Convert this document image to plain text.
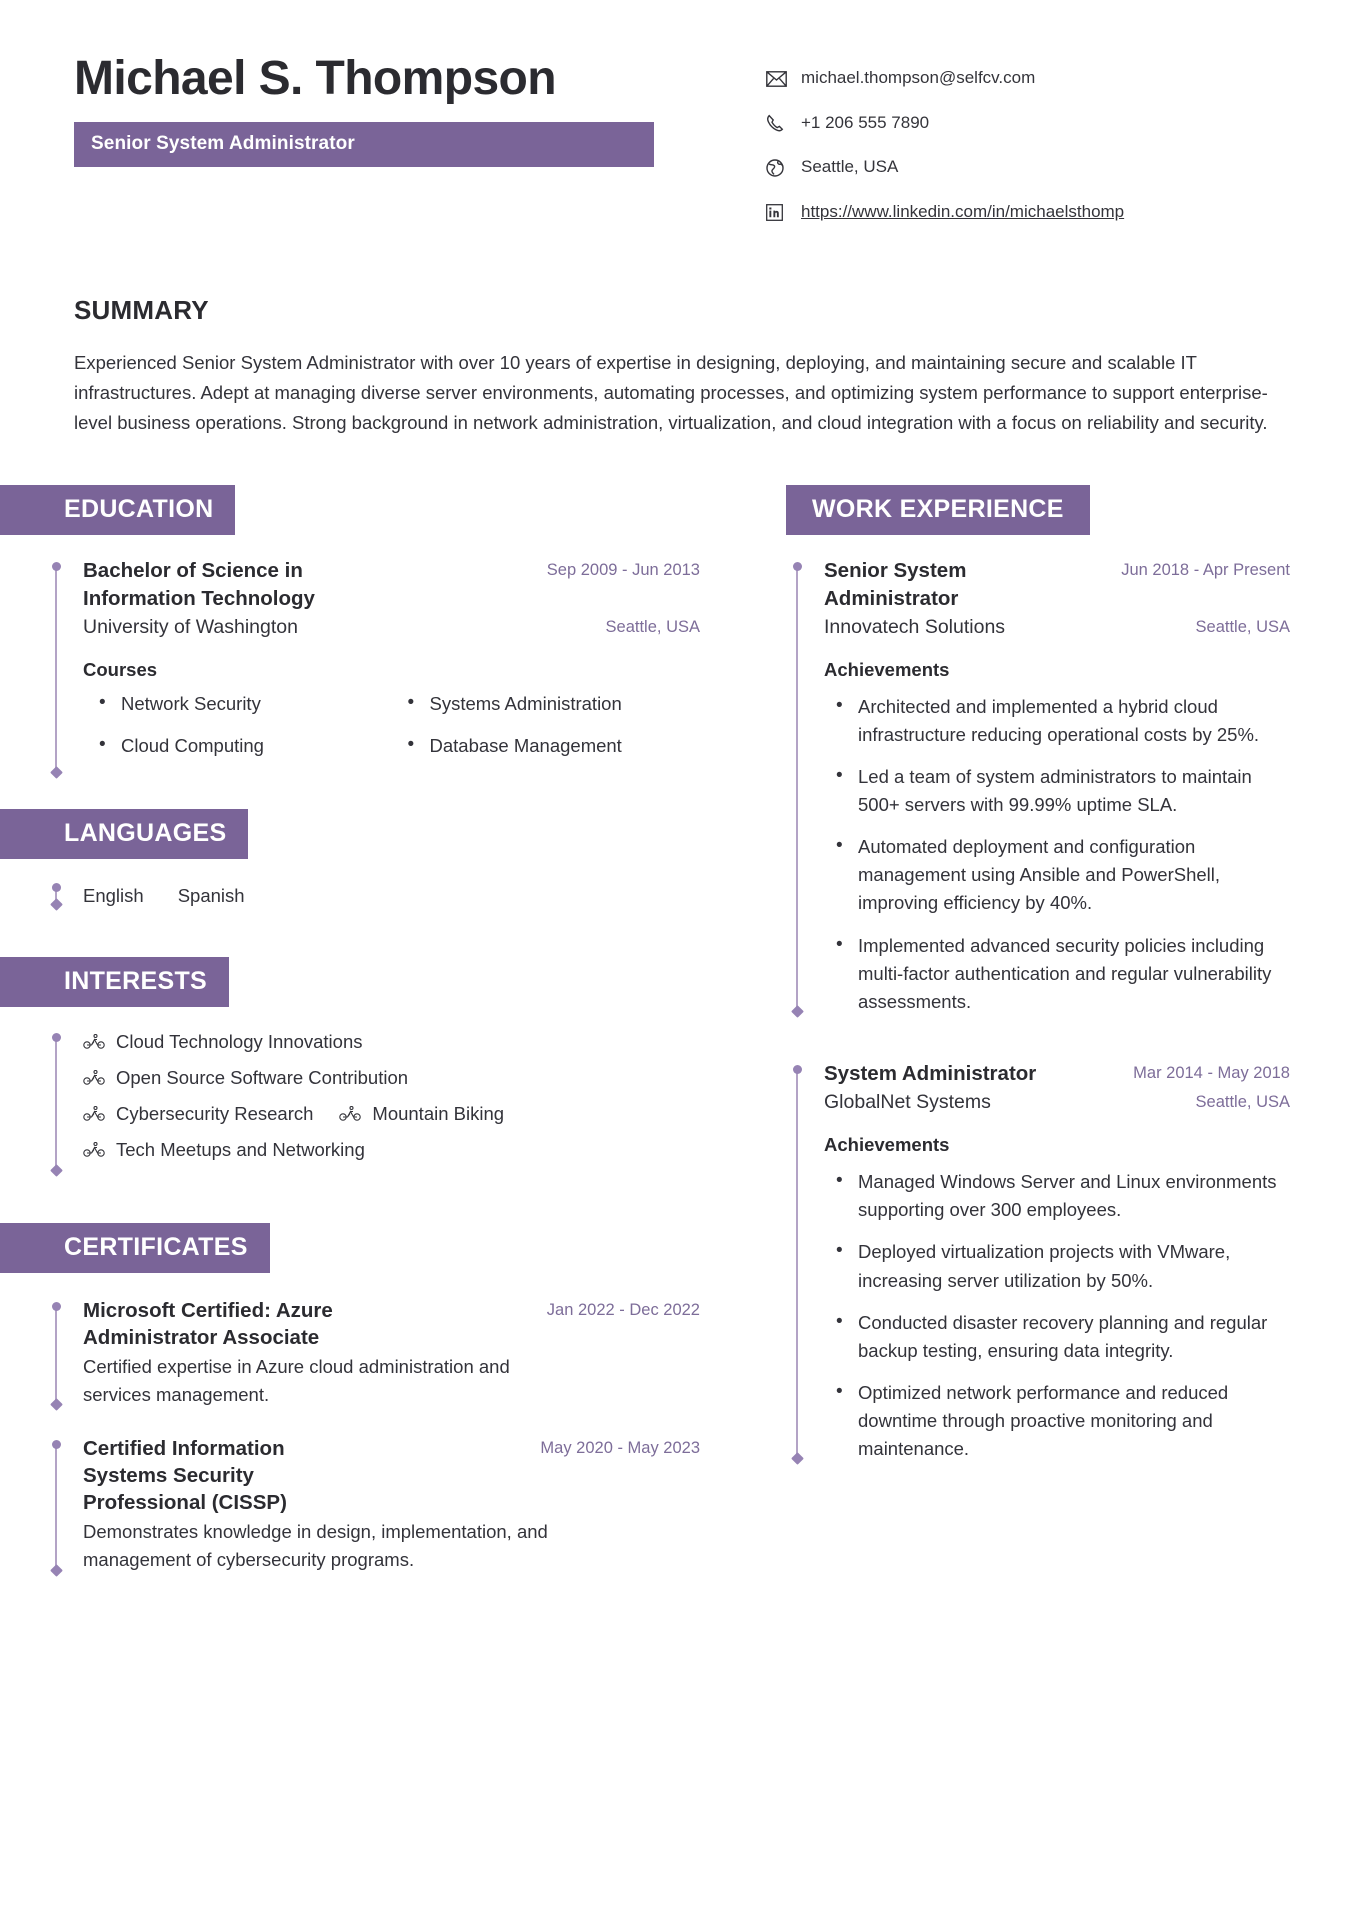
Michael S. Thompson
Senior System Administrator
michael.thompson@selfcv.com
+1 206 555 7890
Seattle, USA
https://www.linkedin.com/in/michaelsthomp
SUMMARY
Experienced Senior System Administrator with over 10 years of expertise in designing, deploying, and maintaining secure and scalable IT infrastructures. Adept at managing diverse server environments, automating processes, and optimizing system performance to support enterprise-level business operations. Strong background in network administration, virtualization, and cloud integration with a focus on reliability and security.
EDUCATION
Bachelor of Science in Information Technology
University of Washington
Sep 2009 - Jun 2013
Seattle, USA
Courses
• Network Security	• Systems Administration
• Cloud Computing	• Database Management
LANGUAGES
English Spanish
INTERESTS
Cloud Technology Innovations
Open Source Software Contribution
Cybersecurity Research	Mountain Biking
Tech Meetups and Networking
CERTIFICATES
Microsoft Certified: Azure Administrator Associate
Jan 2022 - Dec 2022
Certified expertise in Azure cloud administration and services management.
Certified Information Systems Security Professional (CISSP)
May 2020 - May 2023
Demonstrates knowledge in design, implementation, and management of cybersecurity programs.
WORK EXPERIENCE
Senior System Administrator
Innovatech Solutions
Jun 2018 - Apr Present
Seattle, USA
Achievements
• Architected and implemented a hybrid cloud infrastructure reducing operational costs by 25%.
• Led a team of system administrators to maintain 500+ servers with 99.99% uptime SLA.
• Automated deployment and configuration management using Ansible and PowerShell, improving efficiency by 40%.
• Implemented advanced security policies including multi-factor authentication and regular vulnerability assessments.
System Administrator
GlobalNet Systems
Mar 2014 - May 2018
Seattle, USA
Achievements
• Managed Windows Server and Linux environments supporting over 300 employees.
• Deployed virtualization projects with VMware, increasing server utilization by 50%.
• Conducted disaster recovery planning and regular backup testing, ensuring data integrity.
• Optimized network performance and reduced downtime through proactive monitoring and maintenance.
